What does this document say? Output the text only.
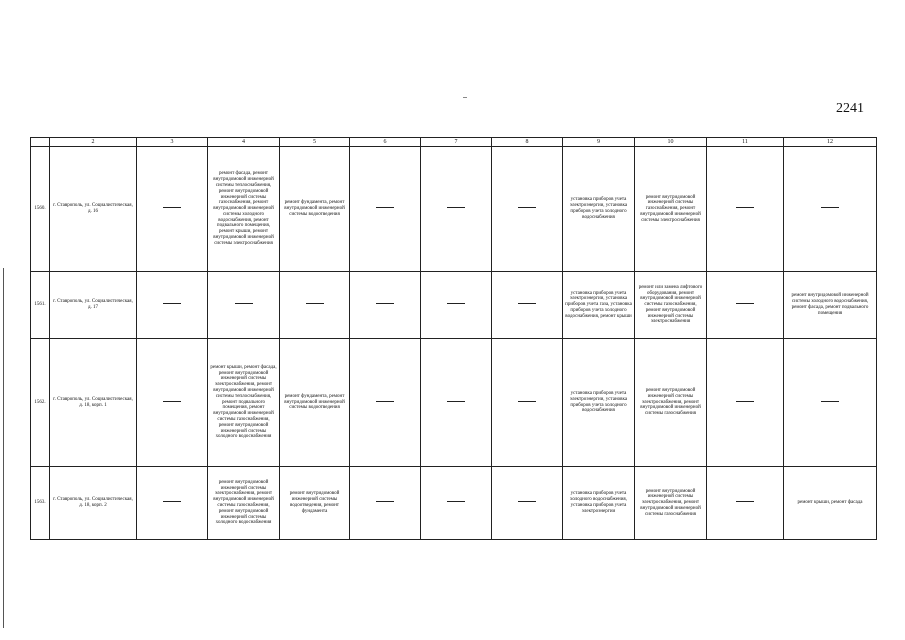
2241
	2	3	4	5	6	7	8	9	10	11	12
1560.	г. Ставрополь, ул. Социалистическая, д. 16		ремонт фасада, ремонт внутридомовой инженерной системы теплоснабжения, ремонт внутридомовой инженерной системы газоснабжения, ремонт внутридомовой инженерной системы холодного водоснабжения, ремонт подвального помещения, ремонт крыши, ремонт внутридомовой инженерной системы электроснабжения	ремонт фундамента, ремонт внутридомовой инженерной системы водоотведения				установка приборов учета электроэнергии, установка приборов учета холодного водоснабжения	ремонт внутридомовой инженерной системы газоснабжения, ремонт внутридомовой инженерной системы электроснабжения		
1561.	г. Ставрополь, ул. Социалистическая, д. 17							установка приборов учета электроэнергии, установка приборов учета газа, установка приборов учета холодного водоснабжения, ремонт крыши	ремонт или замена лифтового оборудования, ремонт внутридомовой инженерной системы газоснабжения, ремонт внутридомовой инженерной системы электроснабжения		ремонт внутридомовой инженерной системы холодного водоснабжения, ремонт фасада, ремонт подвального помещения
1562.	г. Ставрополь, ул. Социалистическая, д. 18, корп. 1		ремонт крыши, ремонт фасада, ремонт внутридомовой инженерной системы электроснабжения, ремонт внутридомовой инженерной системы теплоснабжения, ремонт подвального помещения, ремонт внутридомовой инженерной системы газоснабжения, ремонт внутридомовой инженерной системы холодного водоснабжения	ремонт фундамента, ремонт внутридомовой инженерной системы водоотведения				установка приборов учета электроэнергии, установка приборов учета холодного водоснабжения	ремонт внутридомовой инженерной системы электроснабжения, ремонт внутридомовой инженерной системы газоснабжения		
1563.	г. Ставрополь, ул. Социалистическая, д. 18, корп. 2		ремонт внутридомовой инженерной системы электроснабжения, ремонт внутридомовой инженерной системы газоснабжения, ремонт внутридомовой инженерной системы холодного водоснабжения	ремонт внутридомовой инженерной системы водоотведения, ремонт фундамента				установка приборов учета холодного водоснабжения, установка приборов учета электроэнергии	ремонт внутридомовой инженерной системы электроснабжения, ремонт внутридомовой инженерной системы газоснабжения		ремонт крыши, ремонт фасада
